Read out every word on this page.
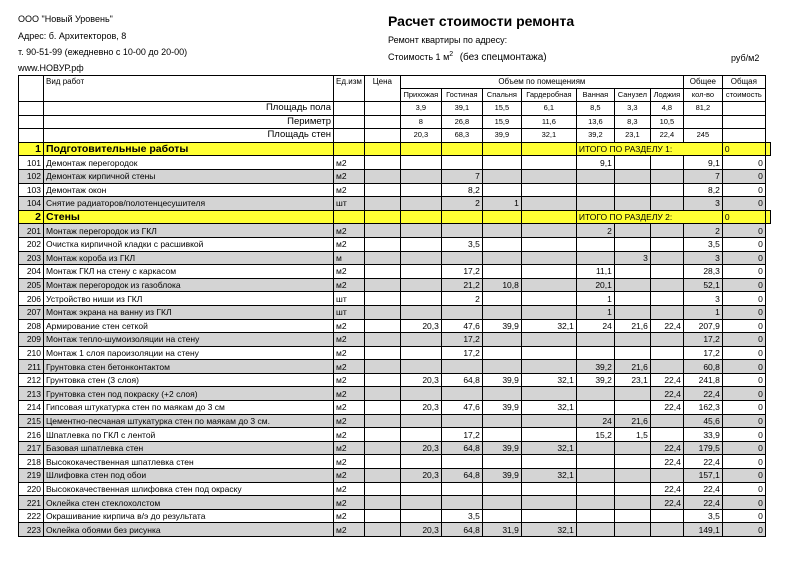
ООО "Новый Уровень"
Адрес: б. Архитекторов, 8
т. 90-51-99 (ежедневно с 10-00 до 20-00)
www.НОВУР.рф
Расчет стоимости ремонта
Ремонт квартиры по адресу:
Стоимость 1 $м^2$ (без спецмонтажа)	руб/м2
	Вид работ	Ед.изм	Цена	Объем по помещениям							Общее	Общая	
				Прихожая	Гостиная	Спальня	Гардеробная	Ванная	Санузел	Лоджия	кол-во	стоимость	
	Площадь пола			3,9	39,1	15,5	6,1	8,5	3,3	4,8	81,2		
	Периметр			8	26,8	15,9	11,6	13,6	8,3	10,5			
	Площадь стен			20,3	68,3	39,9	32,1	39,2	23,1	22,4	245		
1	Подготовительные работы							ИТОГО ПО РАЗДЕЛУ 1:				0	
101	Демонтаж перегородок	м2						9,1			9,1	0	
102	Демонтаж кирпичной стены	м2			7						7	0	
103	Демонтаж окон	м2			8,2						8,2	0	
104	Снятие радиаторов/полотенцесушителя	шт			2	1					3	0	
2	Стены							ИТОГО ПО РАЗДЕЛУ 2:				0	
201	Монтаж перегородок из ГКЛ	м2						2			2	0	
202	Очистка кирпичной кладки с расшивкой	м2			3,5						3,5	0	
203	Монтаж короба из ГКЛ	м							3		3	0	
204	Монтаж ГКЛ на стену с каркасом	м2			17,2			11,1			28,3	0	
205	Монтаж перегородок из газоблока	м2			21,2	10,8		20,1			52,1	0	
206	Устройство ниши из ГКЛ	шт			2			1			3	0	
207	Монтаж экрана на ванну из ГКЛ	шт						1			1	0	
208	Армирование стен сеткой	м2		20,3	47,6	39,9	32,1	24	21,6	22,4	207,9	0	
209	Монтаж тепло-шумоизоляции на стену	м2			17,2						17,2	0	
210	Монтаж 1 слоя пароизоляции на стену	м2			17,2						17,2	0	
211	Грунтовка стен бетонконтактом	м2						39,2	21,6		60,8	0	
212	Грунтовка стен (3 слоя)	м2		20,3	64,8	39,9	32,1	39,2	23,1	22,4	241,8	0	
213	Грунтовка стен под покраску (+2 слоя)	м2								22,4	22,4	0	
214	Гипсовая штукатурка стен по маякам до 3 см	м2		20,3	47,6	39,9	32,1			22,4	162,3	0	
215	Цементно-песчаная штукатурка стен по маякам до 3 см.	м2						24	21,6		45,6	0	
216	Шпатлевка по ГКЛ с лентой	м2			17,2			15,2	1,5		33,9	0	
217	Базовая шпатлевка стен	м2		20,3	64,8	39,9	32,1			22,4	179,5	0	
218	Высококачественная шпатлевка стен	м2								22,4	22,4	0	
219	Шлифовка стен под обои	м2		20,3	64,8	39,9	32,1				157,1	0	
220	Высококачественная шлифовка стен под окраску	м2								22,4	22,4	0	
221	Оклейка стен стеклохолстом	м2								22,4	22,4	0	
222	Окрашивание кирпича в/э до результата	м2			3,5						3,5	0	
223	Оклейка обоями без рисунка	м2		20,3	64,8	31,9	32,1				149,1	0	
